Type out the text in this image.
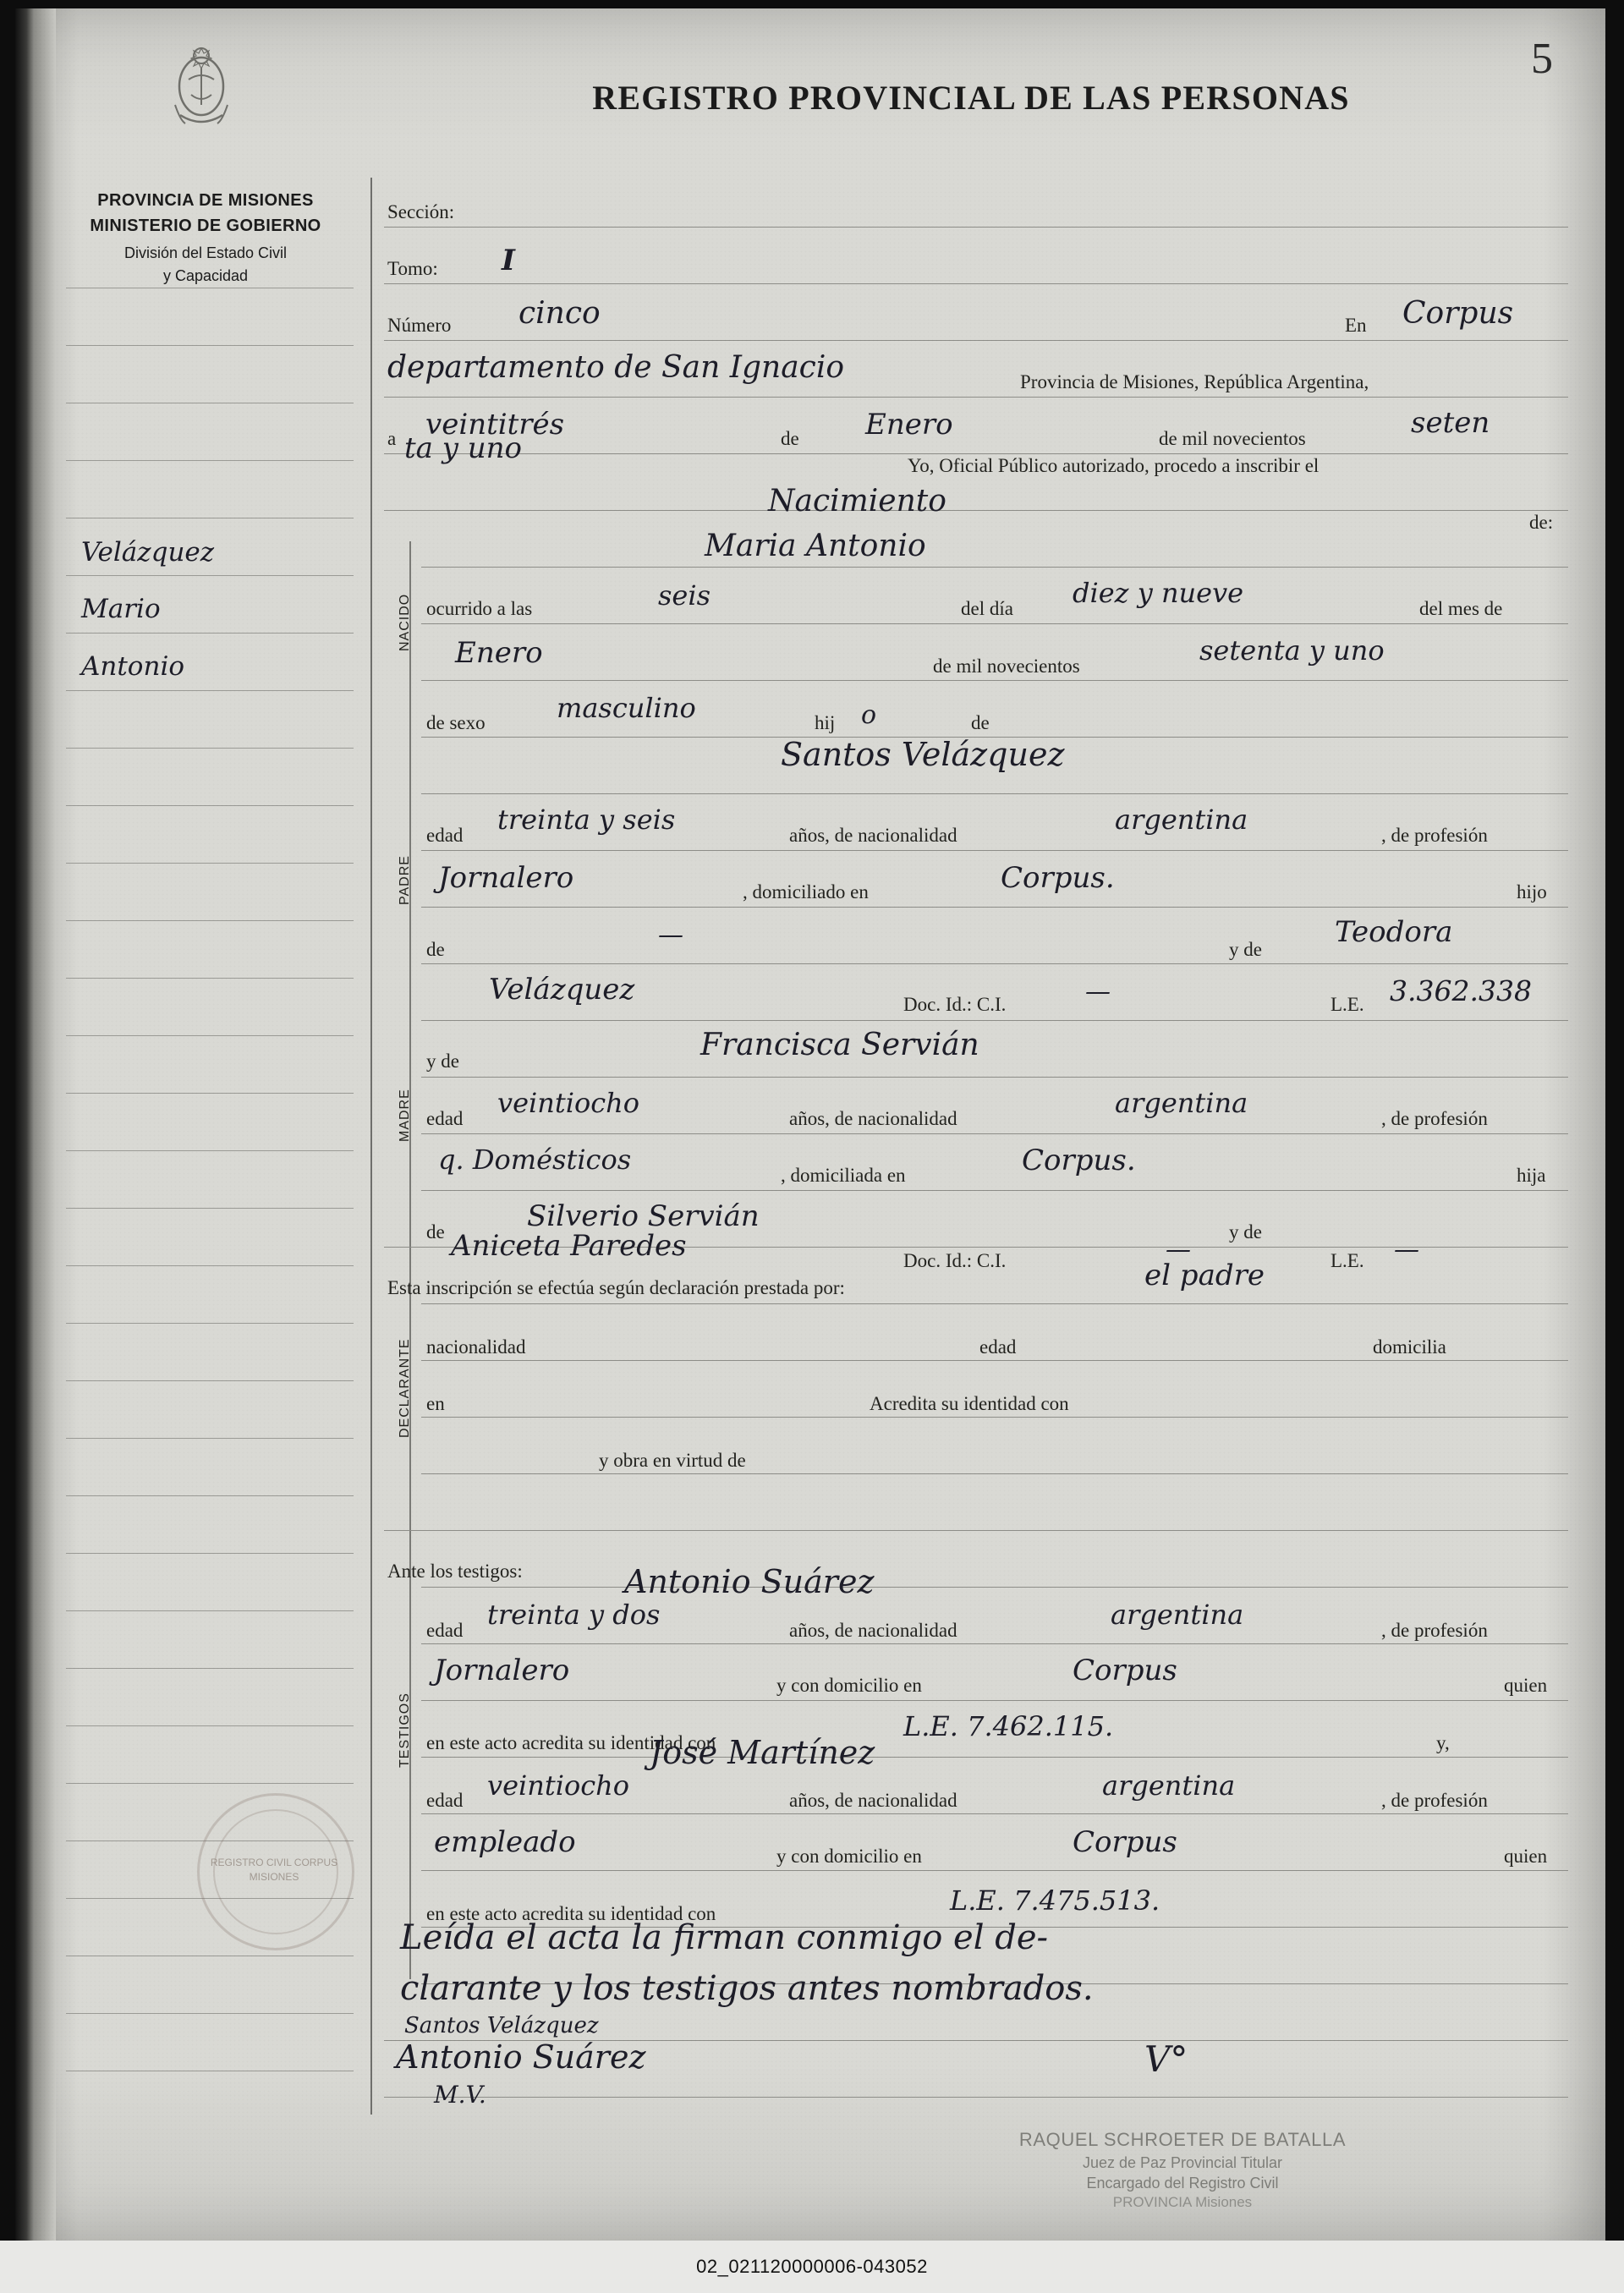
5
REGISTRO PROVINCIAL DE LAS PERSONAS
PROVINCIA DE MISIONES
MINISTERIO DE GOBIERNO
División del Estado Civil
y Capacidad
Velázquez
Mario
Antonio
Sección:
Tomo: I
Número cinco	En Corpus
departamento de San Ignacio	Provincia de Misiones, República Argentina,
a veintitrés	de Enero	de mil novecientos	seten
ta y uno
Yo, Oficial Público autorizado, procedo a inscribir el
Nacimiento
de:
NACIDO
Maria Antonio
ocurrido a las	seis	del día diez y nueve	del mes de
Enero	de mil novecientos	setenta y uno
de sexo	masculino	hij o	de
PADRE
Santos Velázquez
edad treinta y seis	años, de nacionalidad	argentina	, de profesión
Jornalero	, domiciliado en	Corpus.	hijo
de	—	y de
Teodora
Velázquez	Doc. Id.: C.I.	—	L.E. 3.362.338
MADRE
y de	Francisca Servián
edad veintiocho	años, de nacionalidad	argentina	, de profesión
q. Domésticos	, domiciliada en	Corpus.	hija
de	Silverio Servián	y de
Aniceta Paredes	Doc. Id.: C.I.	—	L.E. —
DECLARANTE
Esta inscripción se efectúa según declaración prestada por:	el padre
nacionalidad	edad	domicilia
en	Acredita su identidad con
y obra en virtud de
TESTIGOS
Ante los testigos:	Antonio Suárez
edad treinta y dos	años, de nacionalidad	argentina	, de profesión
Jornalero	y con domicilio en	Corpus	quien
en este acto acredita su identidad con
L.E. 7.462.115.
y,
José Martínez
edad veintiocho	años, de nacionalidad	argentina	, de profesión
empleado	y con domicilio en	Corpus	quien
en este acto acredita su identidad con	L.E. 7.475.513.
Leída el acta la firman conmigo el de-
clarante y los testigos antes nombrados.
Santos Velázquez
Antonio Suárez
M.V.
V°
REGISTRO CIVIL CORPUS MISIONES
RAQUEL SCHROETER DE BATALLA
Juez de Paz Provincial Titular
Encargado del Registro Civil
PROVINCIA Misiones
02_021120000006-043052
